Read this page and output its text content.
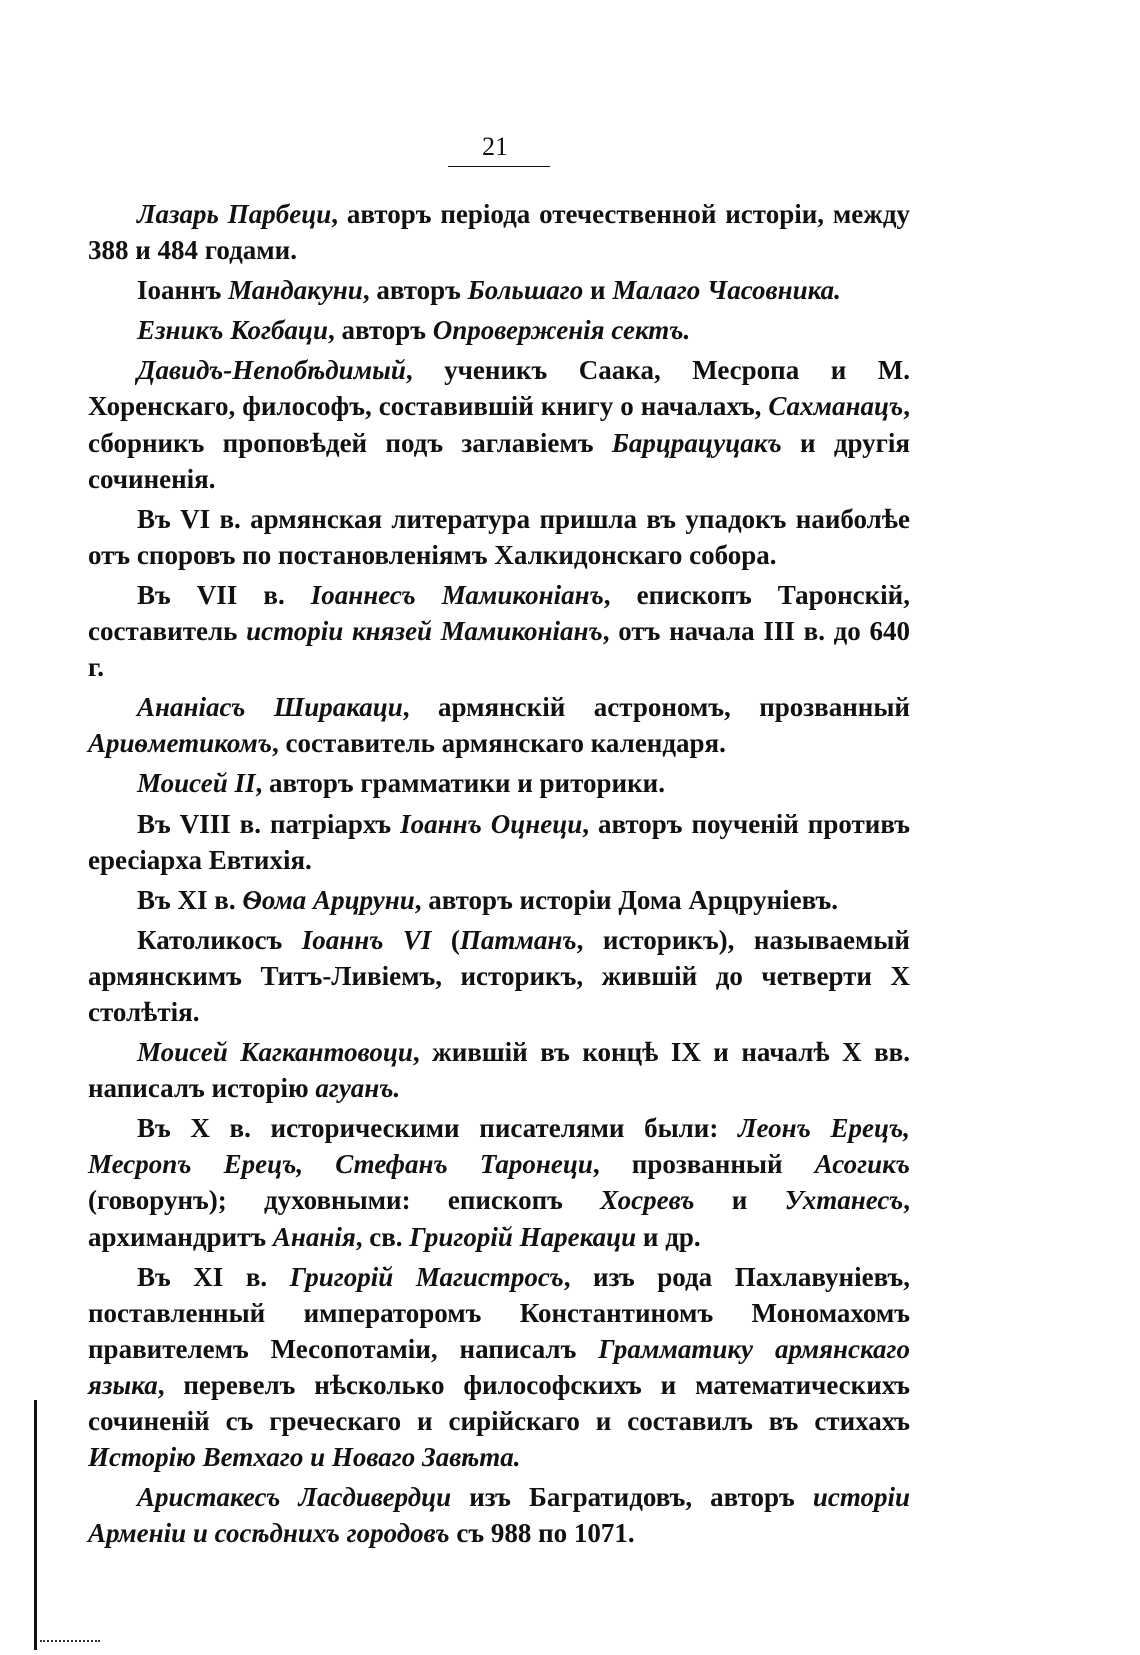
21

Лазарь Парбеци, авторъ періода отечественной исторіи, между 388 и 484 годами.

Іоаннъ Мандакуни, авторъ Большаго и Малаго Часовника.

Езникъ Когбаци, авторъ Опроверженія сектъ.

Давидъ-Непобѣдимый, ученикъ Саака, Месропа и М. Хоренскаго, философъ, составившій книгу о началахъ, Сахманацъ, сборникъ проповѣдей подъ заглавіемъ Барцрацуцакъ и другія сочиненія.

Въ VI в. армянская литература пришла въ упадокъ наиболѣе отъ споровъ по постановленіямъ Халкидонскаго собора.

Въ VII в. Іоаннесъ Мамиконіанъ, епископъ Таронскій, составитель исторіи князей Мамиконіанъ, отъ начала III в. до 640 г.

Ананіасъ Ширакаци, армянскій астрономъ, прозванный Ариѳметикомъ, составитель армянскаго календаря.

Моисей II, авторъ грамматики и риторики.

Въ VIII в. патріархъ Іоаннъ Оцнеци, авторъ поученій противъ ересіарха Евтихія.

Въ XI в. Ѳома Арцруни, авторъ исторіи Дома Арцруніевъ.

Католикосъ Іоаннъ VI (Патманъ, историкъ), называемый армянскимъ Титъ-Ливіемъ, историкъ, жившій до четверти X столѣтія.

Моисей Кагкантовоци, жившій въ концѣ IX и началѣ X вв. написалъ исторію агуанъ.

Въ X в. историческими писателями были: Леонъ Ерецъ, Месропъ Ерецъ, Стефанъ Таронеци, прозванный Асогикъ (говорунъ); духовными: епископъ Хосревъ и Ухтанесъ, архимандритъ Ананія, св. Григорій Нарекаци и др.

Въ XI в. Григорій Магистросъ, изъ рода Пахлавуніевъ, поставленный императоромъ Константиномъ Мономахомъ правителемъ Месопотаміи, написалъ Грамматику армянскаго языка, перевелъ нѣсколько философскихъ и математическихъ сочиненій съ греческаго и сирійскаго и составилъ въ стихахъ Исторію Ветхаго и Новаго Завѣта.

Аристакесъ Ласдивердци изъ Багратидовъ, авторъ исторіи Арменіи и сосѣднихъ городовъ съ 988 по 1071.
